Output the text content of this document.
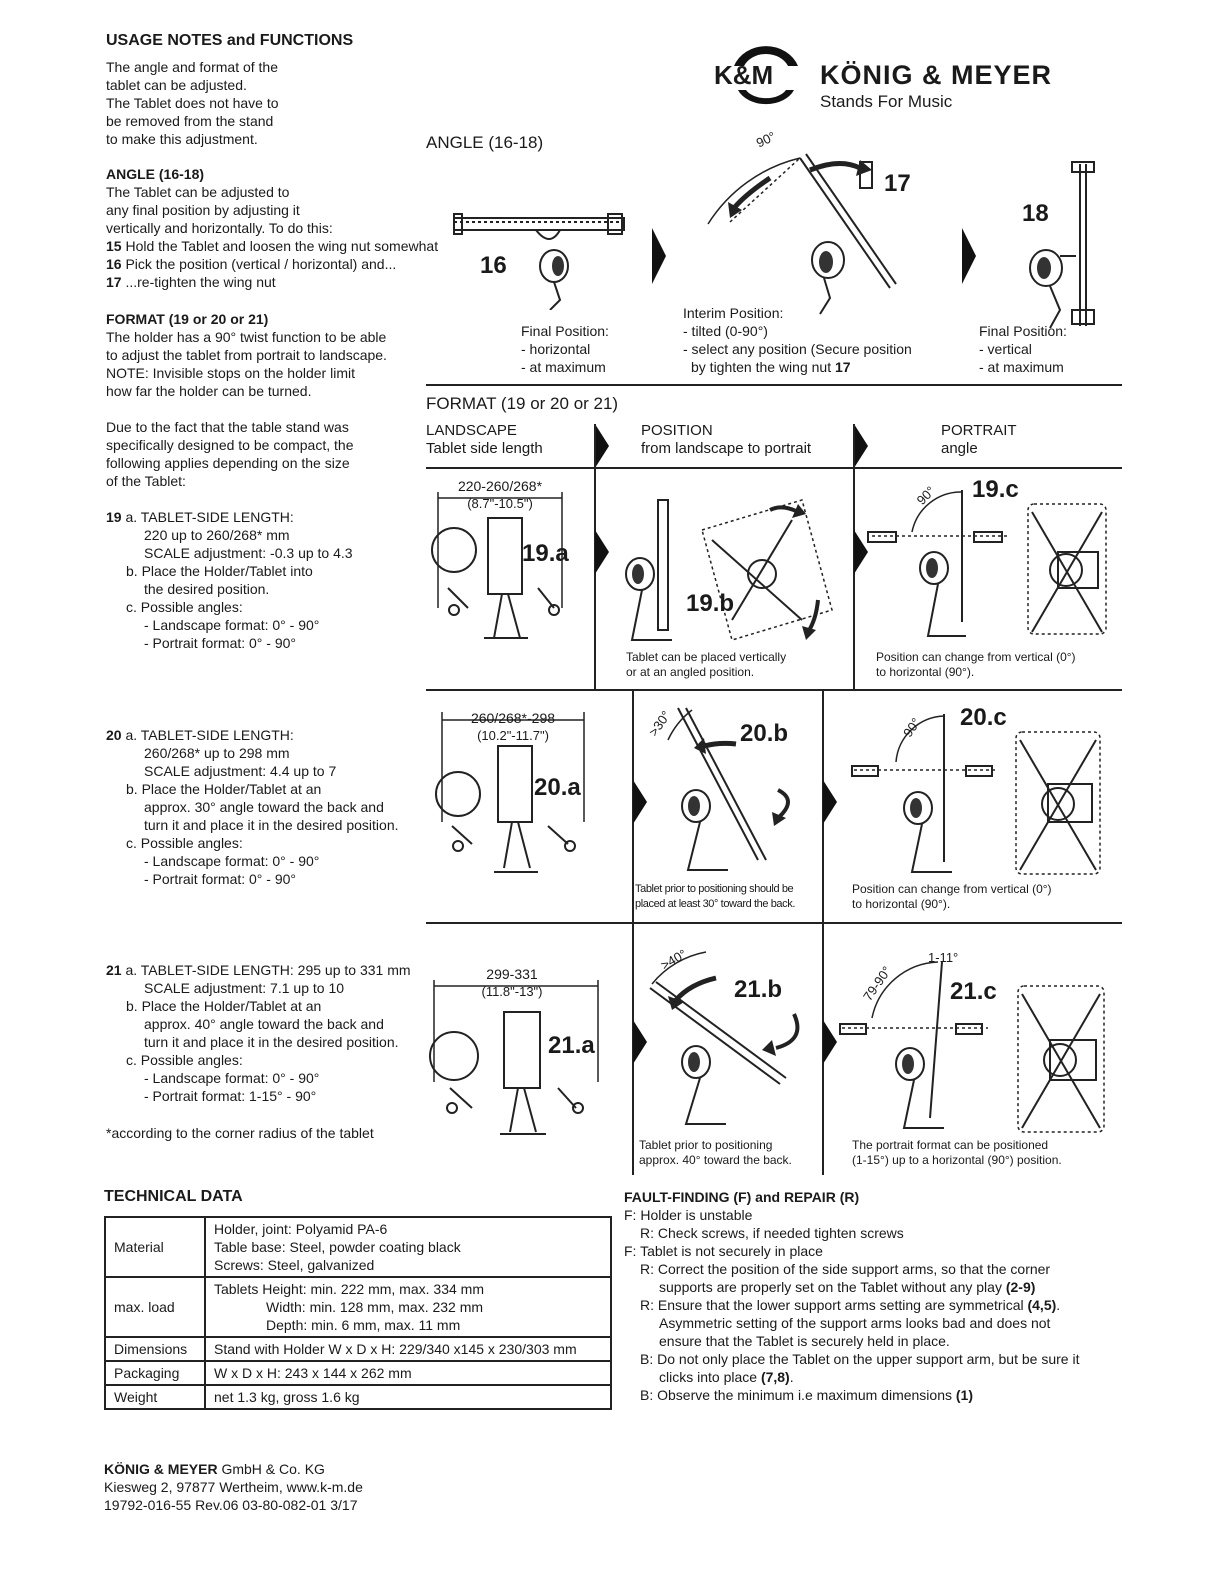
USAGE NOTES and FUNCTIONS
The angle and format of the
tablet can be adjusted.
The Tablet does not have to
be removed from the stand
to make this adjustment.
ANGLE (16-18)
The Tablet can be adjusted to
any final position by adjusting it
vertically and horizontally. To do this:
15 Hold the Tablet and loosen the wing nut somewhat
16 Pick the position (vertical / horizontal) and...
17 ...re-tighten the wing nut
FORMAT (19 or 20 or 21)
The holder has a 90° twist function to be able
to adjust the tablet from portrait to landscape.
NOTE: Invisible stops on the holder limit
how far the holder can be turned.
Due to the fact that the table stand was
specifically designed to be compact, the
following applies depending on the size
of the Tablet:
19 a. TABLET-SIDE LENGTH:
220 up to 260/268* mm
SCALE adjustment: -0.3 up to 4.3
b. Place the Holder/Tablet into
the desired position.
c. Possible angles:
- Landscape format: 0° - 90°
- Portrait format: 0° - 90°
20 a. TABLET-SIDE LENGTH:
260/268* up to 298 mm
SCALE adjustment: 4.4 up to 7
b. Place the Holder/Tablet at an
approx. 30° angle toward the back and
turn it and place it in the desired position.
c. Possible angles:
- Landscape format: 0° - 90°
- Portrait format: 0° - 90°
21 a. TABLET-SIDE LENGTH: 295 up to 331 mm
SCALE adjustment: 7.1 up to 10
b. Place the Holder/Tablet at an
approx. 40° angle toward the back and
turn it and place it in the desired position.
c. Possible angles:
- Landscape format: 0° - 90°
- Portrait format: 1-15° - 90°
*according to the corner radius of the tablet
K&M KÖNIG & MEYER
Stands For Music
ANGLE (16-18)
16
90°
17
18
Final Position:
- horizontal
- at maximum
Interim Position:
- tilted (0-90°)
- select any position (Secure position
by tighten the wing nut 17
Final Position:
- vertical
- at maximum
FORMAT (19 or 20 or 21)
LANDSCAPE
Tablet side length
POSITION
from landscape to portrait
PORTRAIT
angle
220-260/268*
(8.7"-10.5")
19.a
19.b
Tablet can be placed vertically
or at an angled position.
90° 19.c
Position can change from vertical (0°)
to horizontal (90°).
260/268*-298
(10.2"-11.7")
20.a
>30°	20.b
Tablet prior to positioning should be
placed at least 30° toward the back.
90° 20.c
Position can change from vertical (0°)
to horizontal (90°).
299-331
(11.8"-13")
21.a
>40°
21.b
Tablet prior to positioning
approx. 40° toward the back.
79-90°
1-11°
21.c
The portrait format can be positioned
(1-15°) up to a horizontal (90°) position.
TECHNICAL DATA
Material	Holder, joint: Polyamid PA-6
Table base: Steel, powder coating black
Screws: Steel, galvanized

max. load	Tablets Height: min. 222 mm, max. 334 mm
Width: min. 128 mm, max. 232 mm
Depth: min. 6 mm, max. 11 mm

Dimensions	Stand with Holder W x D x H: 229/340 x145 x 230/303 mm
Packaging	W x D x H: 243 x 144 x 262 mm
Weight	net 1.3 kg, gross 1.6 kg
FAULT-FINDING (F) and REPAIR (R)
F: Holder is unstable
R: Check screws, if needed tighten screws
F: Tablet is not securely in place
R: Correct the position of the side support arms, so that the corner
supports are properly set on the Tablet without any play (2-9)
R: Ensure that the lower support arms setting are symmetrical (4,5).
Asymmetric setting of the support arms looks bad and does not
ensure that the Tablet is securely held in place.
B: Do not only place the Tablet on the upper support arm, but be sure it
clicks into place (7,8).
B: Observe the minimum i.e maximum dimensions (1)
KÖNIG & MEYER GmbH & Co. KG
Kiesweg 2, 97877 Wertheim, www.k-m.de
19792-016-55 Rev.06 03-80-082-01 3/17
